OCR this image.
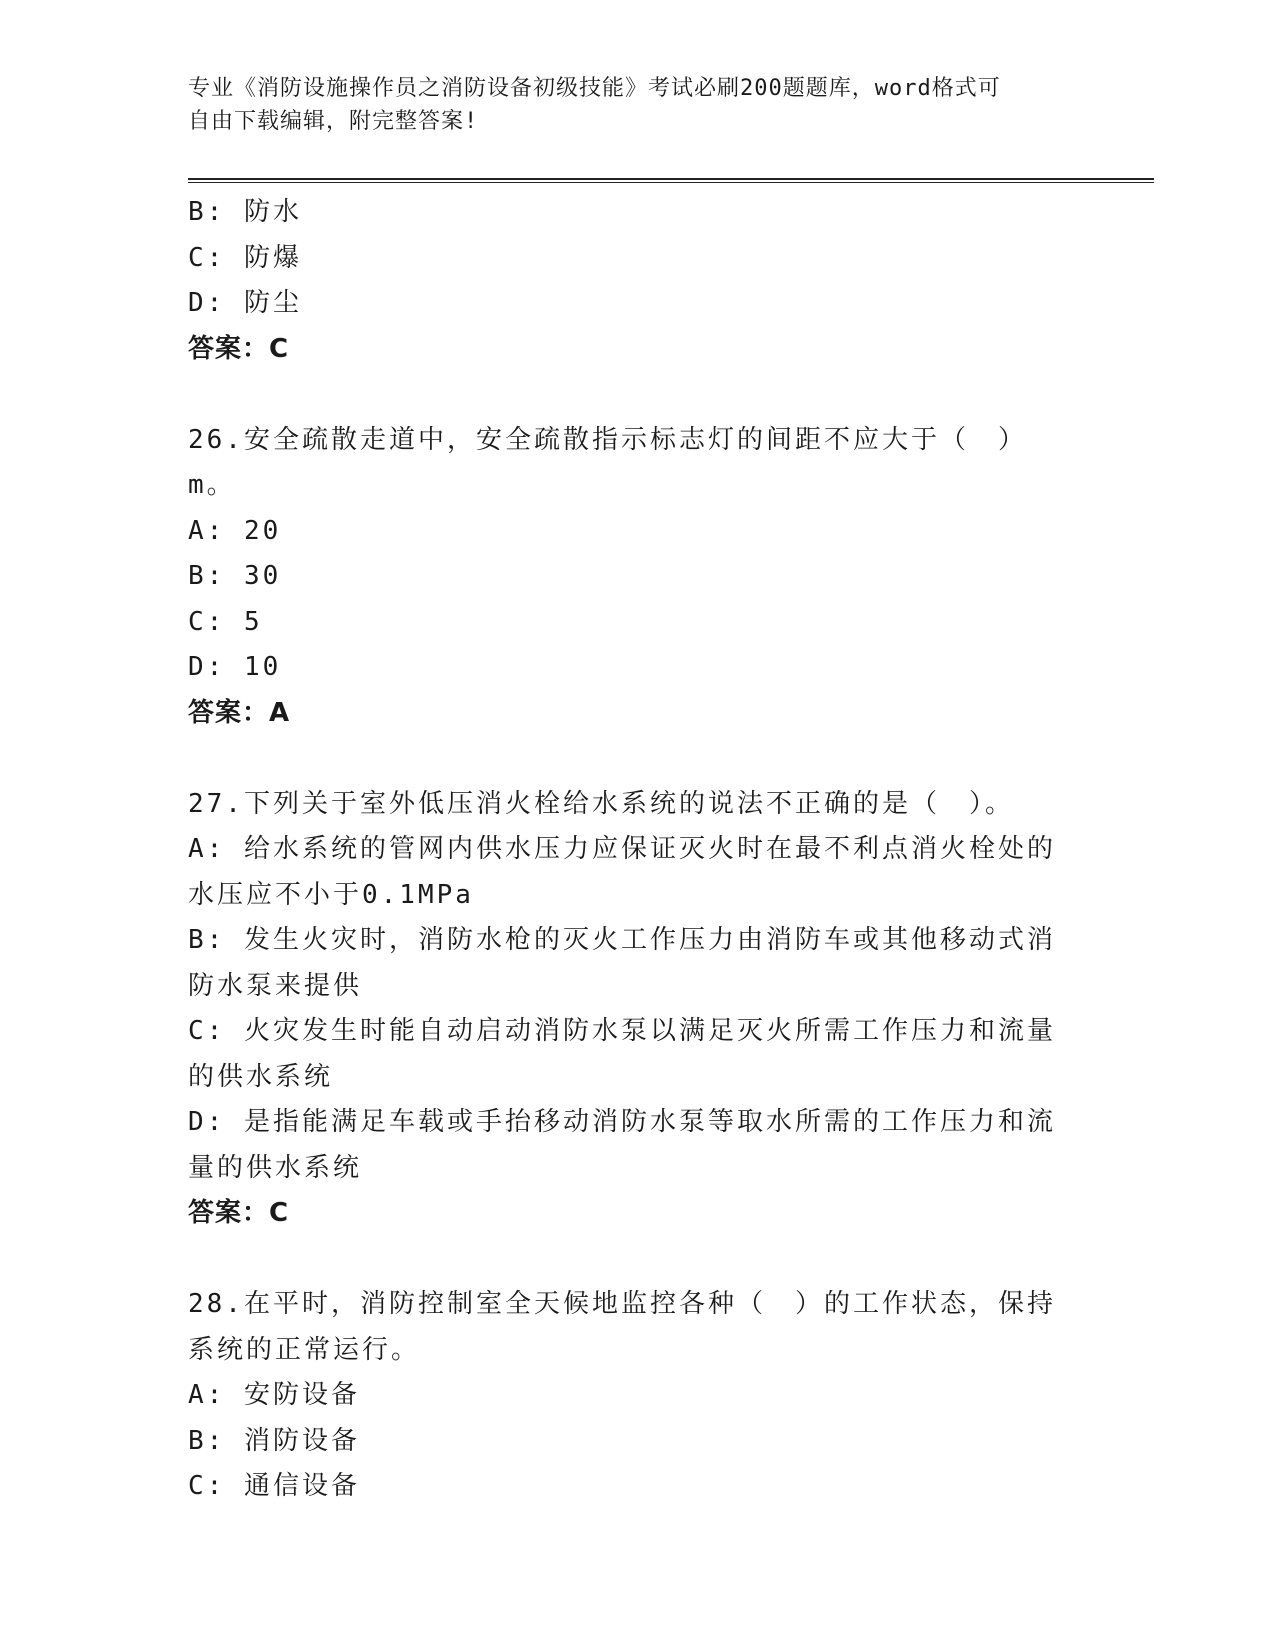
专业《消防设施操作员之消防设备初级技能》考试必刷200题题库，word格式可
自由下载编辑，附完整答案!
B: 防水
C: 防爆
D: 防尘
答案：C
26.安全疏散走道中，安全疏散指示标志灯的间距不应大于（　）m。
A: 20
B: 30
C: 5
D: 10
答案：A
27.下列关于室外低压消火栓给水系统的说法不正确的是（　）。
A: 给水系统的管网内供水压力应保证灭火时在最不利点消火栓处的水压应不小于0.1MPa
B: 发生火灾时，消防水枪的灭火工作压力由消防车或其他移动式消防水泵来提供
C: 火灾发生时能自动启动消防水泵以满足灭火所需工作压力和流量的供水系统
D: 是指能满足车载或手抬移动消防水泵等取水所需的工作压力和流量的供水系统
答案：C
28.在平时，消防控制室全天候地监控各种（　）的工作状态，保持系统的正常运行。
A: 安防设备
B: 消防设备
C: 通信设备
